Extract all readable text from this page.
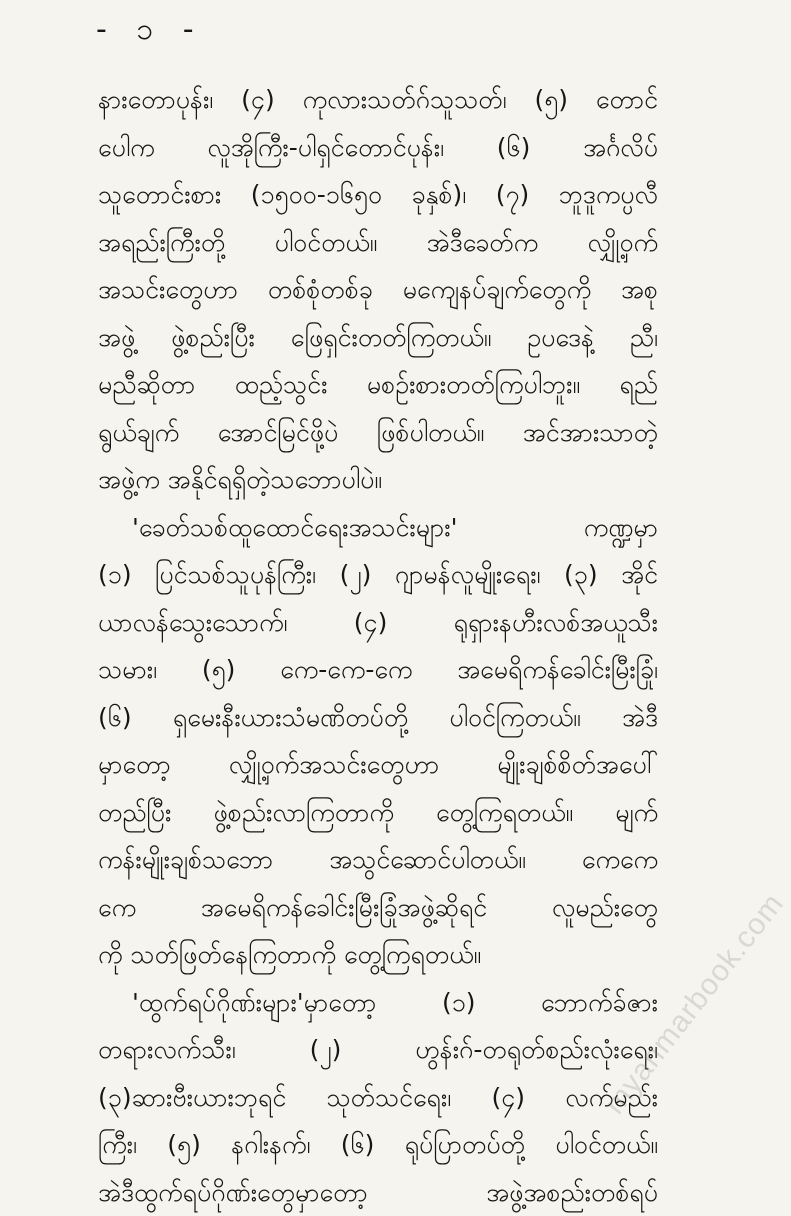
- ၁ -
နားတောပုန်း၊ (၄) ကုလားသတ်ဂ်သူသတ်၊ (၅) တောင်
ပေါက လူအိုကြီး-ပါရှင်တောင်ပုန်း၊ (၆) အင်္ဂလိပ်
သူတောင်းစား (၁၅၀၀-၁၆၅၀ ခုနှစ်)၊ (၇) ဘူဒူကပ္ပလီ
အရည်းကြီးတို့ ပါဝင်တယ်။ အဲဒီခေတ်က လျှို့ဝှက်
အသင်းတွေဟာ တစ်စုံတစ်ခု မကျေနပ်ချက်တွေကို အစု
အဖွဲ့ ဖွဲ့စည်းပြီး ဖြေရှင်းတတ်ကြတယ်။ ဥပဒေနဲ့ ညီ၊
မညီဆိုတာ ထည့်သွင်း မစဉ်းစားတတ်ကြပါဘူး။ ရည်
ရွယ်ချက် အောင်မြင်ဖို့ပဲ ဖြစ်ပါတယ်။ အင်အားသာတဲ့
အဖွဲ့က အနိုင်ရရှိတဲ့သဘောပါပဲ။
'ခေတ်သစ်ထူထောင်ရေးအသင်းများ' ကဏ္ဍမှာ
(၁) ပြင်သစ်သူပုန်ကြီး၊ (၂) ဂျာမန်လူမျိုးရေး၊ (၃) အိုင်
ယာလန်သွေးသောက်၊ (၄) ရုရှားနဟီးလစ်အယူသီး
သမား၊ (၅) ကေ-ကေ-ကေ အမေရိကန်ခေါင်းမြီးခြုံ၊
(၆) ရှမေးနီးယားသံမဏိတပ်တို့ ပါဝင်ကြတယ်။ အဲဒီ
မှာတော့ လျှို့ဝှက်အသင်းတွေဟာ မျိုးချစ်စိတ်အပေါ်
တည်ပြီး ဖွဲ့စည်းလာကြတာကို တွေ့ကြရတယ်။ မျက်
ကန်းမျိုးချစ်သဘော အသွင်ဆောင်ပါတယ်။ ကေကေ
ကေ အမေရိကန်ခေါင်းမြီးခြုံအဖွဲ့ဆိုရင် လူမည်းတွေ
ကို သတ်ဖြတ်နေကြတာကို တွေ့ကြရတယ်။
'ထွက်ရပ်ဂိုဏ်းများ'မှာတော့ (၁) ဘောက်ခ်ဇား
တရားလက်သီး၊ (၂) ဟွန်းဂ်-တရုတ်စည်းလုံးရေး၊
(၃)ဆားဗီးယားဘုရင် သုတ်သင်ရေး၊ (၄) လက်မည်း
ကြီး၊ (၅) နဂါးနက်၊ (၆) ရုပ်ပြာတပ်တို့ ပါဝင်တယ်။
အဲဒီထွက်ရပ်ဂိုဏ်းတွေမှာတော့ အဖွဲ့အစည်းတစ်ရပ်
myanmarbook.com
